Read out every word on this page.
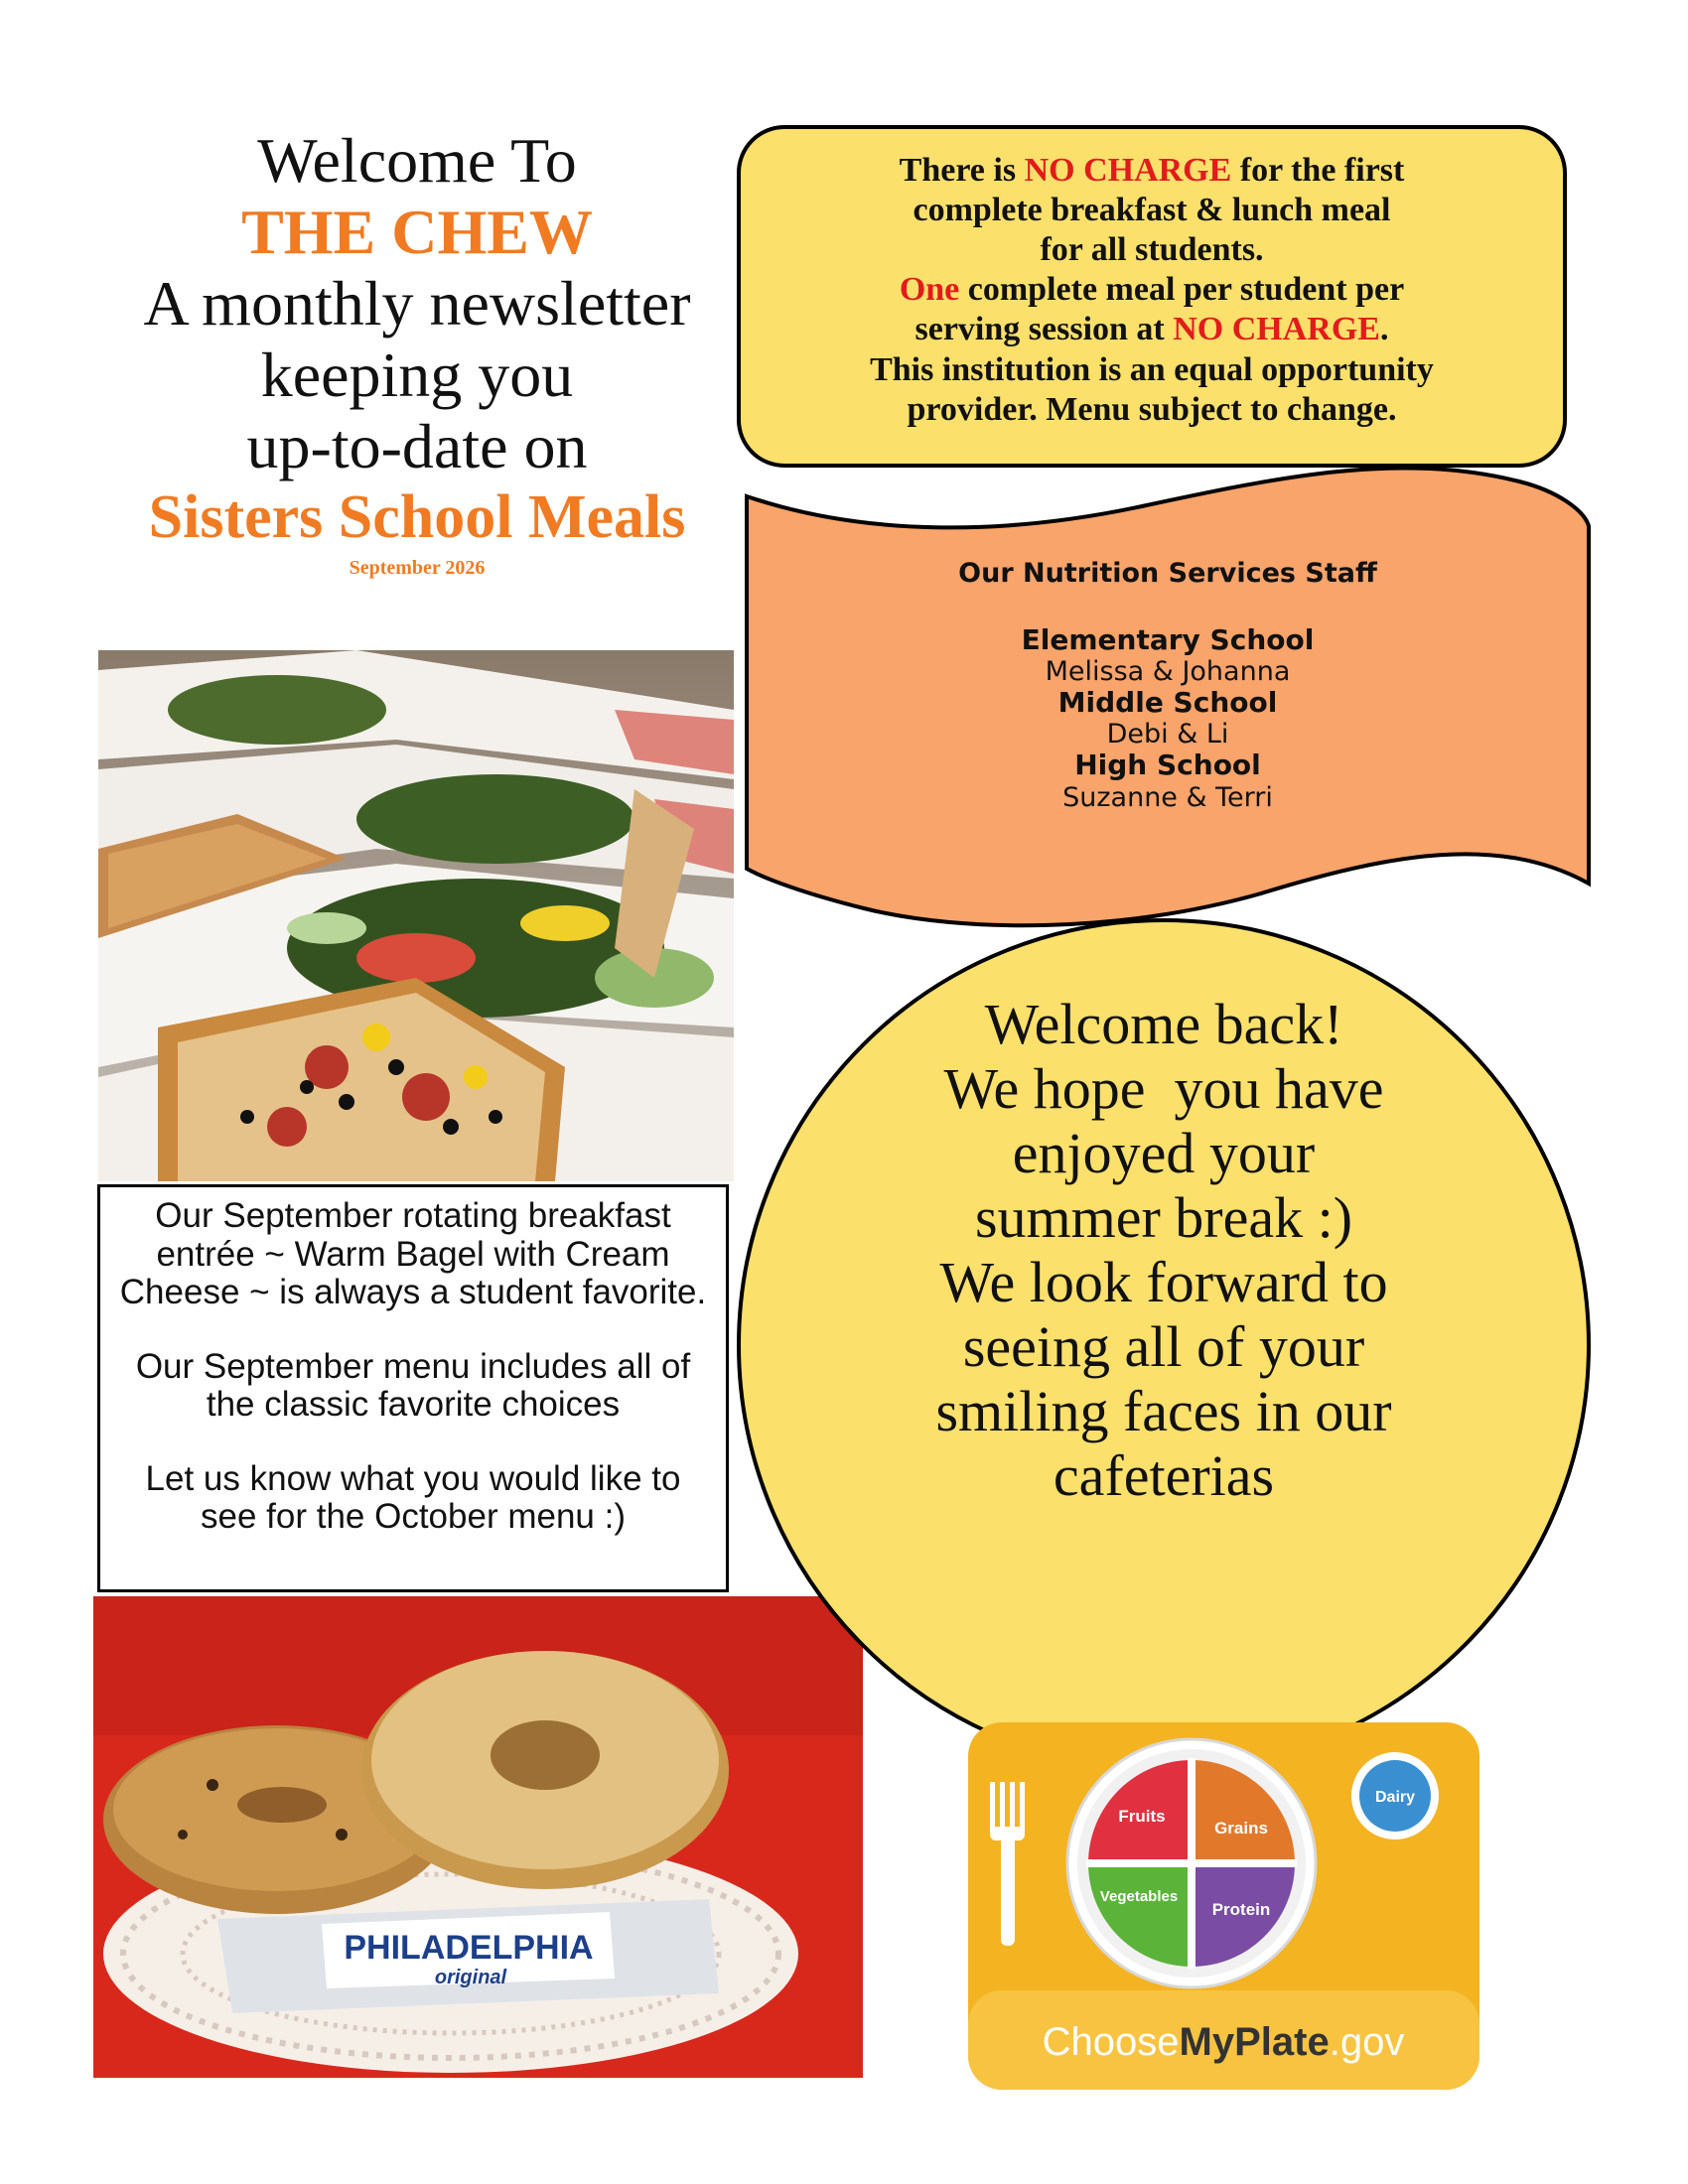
Welcome To
THE CHEW
A monthly newsletter
keeping you
up-to-date on
Sisters School Meals
September 2026

Our September rotating breakfast entrée ~ Warm Bagel with Cream Cheese ~ is always a student favorite.

Our September menu includes all of the classic favorite choices

Let us know what you would like to see for the October menu :)

PHILADELPHIA
original
There is NO CHARGE for the first
complete breakfast & lunch meal
for all students.
One complete meal per student per
serving session at NO CHARGE.
This institution is an equal opportunity
provider. Menu subject to change.
Our Nutrition Services Staff
Elementary School
Melissa & Johanna
Middle School
Debi & Li
High School
Suzanne & Terri
Welcome back!
We hope  you have
enjoyed your
summer break :)
We look forward to
seeing all of your
smiling faces in our
cafeterias
Fruits
Grains
Vegetables
Protein
Dairy
ChooseMyPlate.gov
